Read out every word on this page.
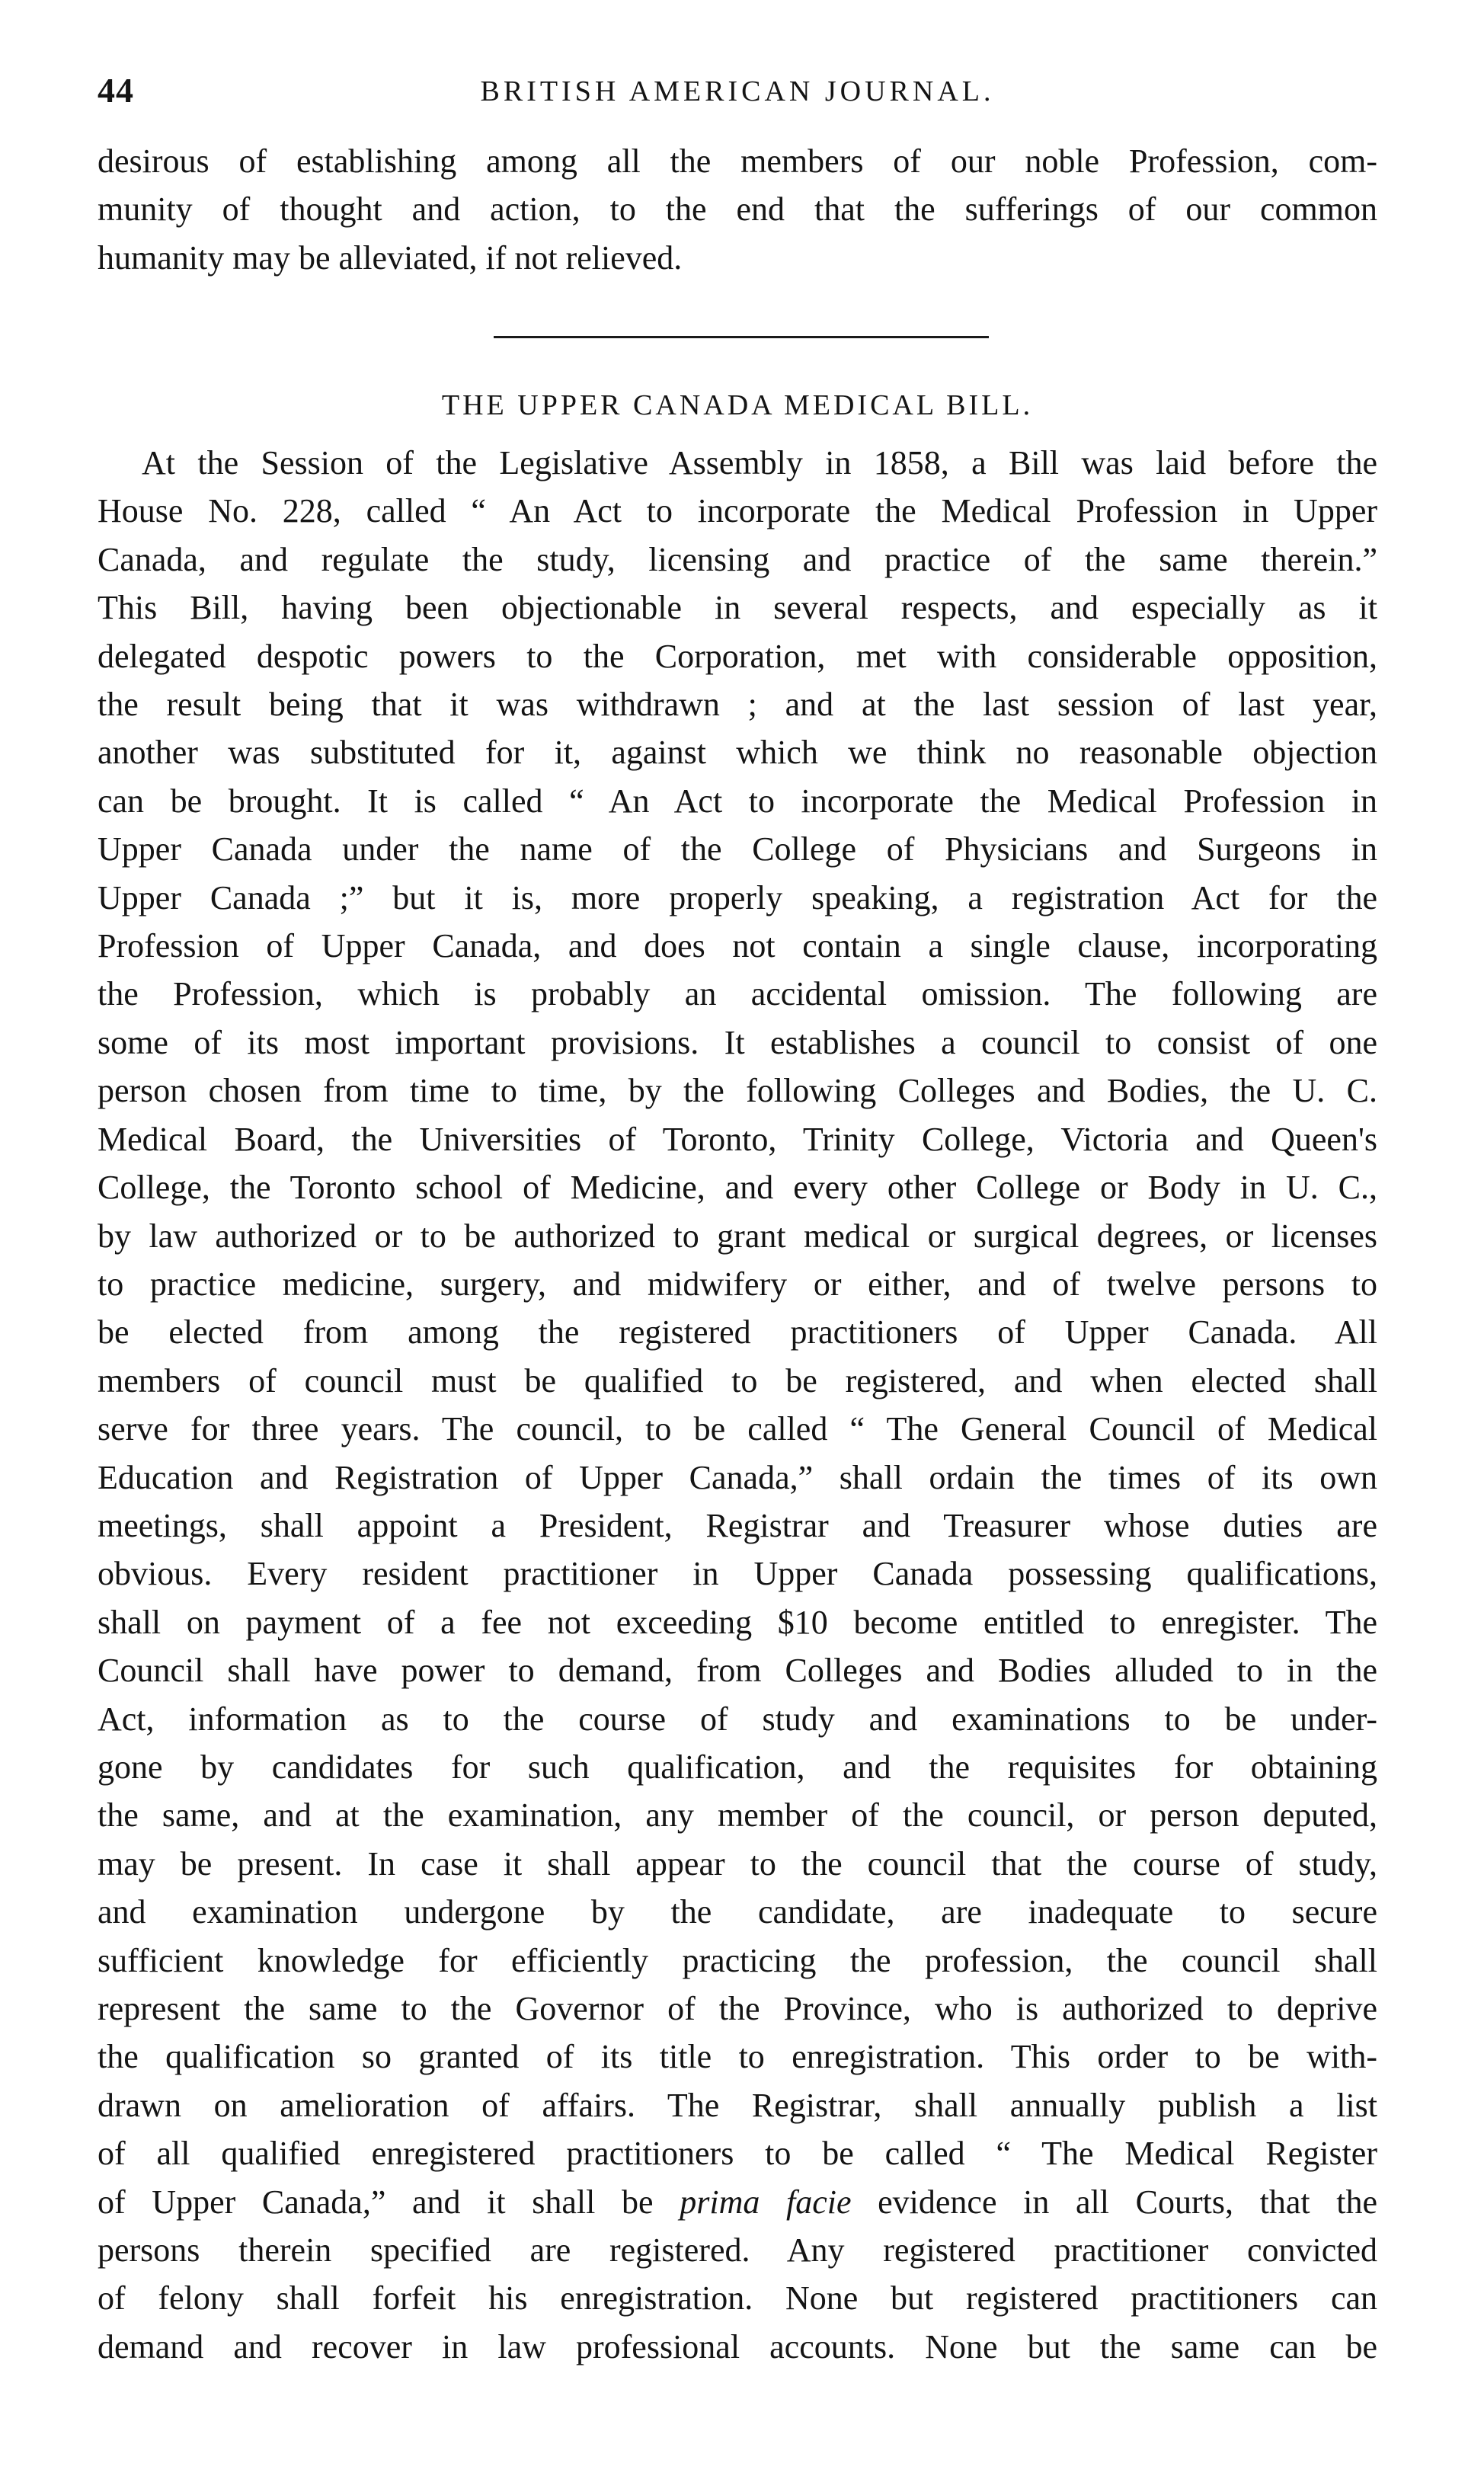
44	BRITISH AMERICAN JOURNAL.
desirous of establishing among all the members of our noble Profession, com-
munity of thought and action, to the end that the sufferings of our common
humanity may be alleviated, if not relieved.
THE UPPER CANADA MEDICAL BILL.
At the Session of the Legislative Assembly in 1858, a Bill was laid before the
House No. 228, called “ An Act to incorporate the Medical Profession in Upper
Canada, and regulate the study, licensing and practice of the same therein.”
This Bill, having been objectionable in several respects, and especially as it
delegated despotic powers to the Corporation, met with considerable opposition,
the result being that it was withdrawn ; and at the last session of last year,
another was substituted for it, against which we think no reasonable objection
can be brought. It is called “ An Act to incorporate the Medical Profession in
Upper Canada under the name of the College of Physicians and Surgeons in
Upper Canada ;” but it is, more properly speaking, a registration Act for the
Profession of Upper Canada, and does not contain a single clause, incorporating
the Profession, which is probably an accidental omission. The following are
some of its most important provisions. It establishes a council to consist of one
person chosen from time to time, by the following Colleges and Bodies, the U. C.
Medical Board, the Universities of Toronto, Trinity College, Victoria and Queen's
College, the Toronto school of Medicine, and every other College or Body in U. C.,
by law authorized or to be authorized to grant medical or surgical degrees, or licenses
to practice medicine, surgery, and midwifery or either, and of twelve persons to
be elected from among the registered practitioners of Upper Canada. All
members of council must be qualified to be registered, and when elected shall
serve for three years. The council, to be called “ The General Council of Medical
Education and Registration of Upper Canada,” shall ordain the times of its own
meetings, shall appoint a President, Registrar and Treasurer whose duties are
obvious. Every resident practitioner in Upper Canada possessing qualifications,
shall on payment of a fee not exceeding $10 become entitled to enregister. The
Council shall have power to demand, from Colleges and Bodies alluded to in the
Act, information as to the course of study and examinations to be under-
gone by candidates for such qualification, and the requisites for obtaining
the same, and at the examination, any member of the council, or person deputed,
may be present. In case it shall appear to the council that the course of study,
and examination undergone by the candidate, are inadequate to secure
sufficient knowledge for efficiently practicing the profession, the council shall
represent the same to the Governor of the Province, who is authorized to deprive
the qualification so granted of its title to enregistration. This order to be with-
drawn on amelioration of affairs. The Registrar, shall annually publish a list
of all qualified enregistered practitioners to be called “ The Medical Register
of Upper Canada,” and it shall be prima facie evidence in all Courts, that the
persons therein specified are registered. Any registered practitioner convicted
of felony shall forfeit his enregistration. None but registered practitioners can
demand and recover in law professional accounts. None but the same can be
